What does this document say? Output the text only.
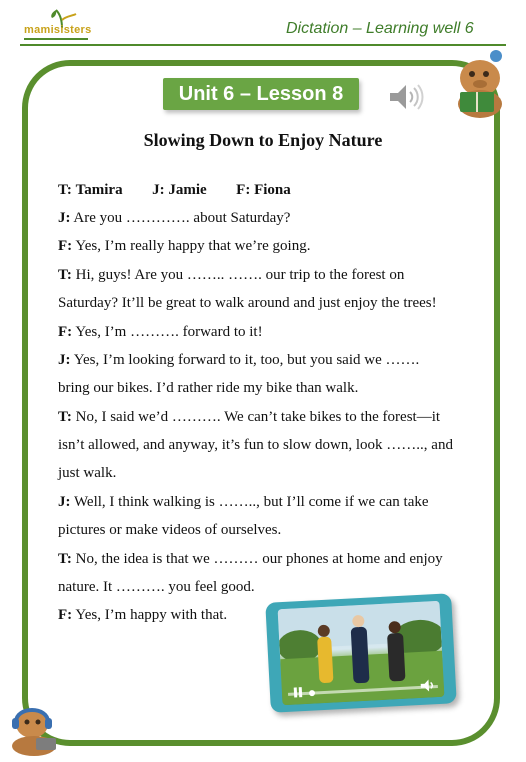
mamisisters	Dictation – Learning well 6
Unit 6 – Lesson 8
Slowing Down to Enjoy Nature
T: Tamira J: Jamie F: Fiona
J: Are you …………. about Saturday?
F: Yes, I’m really happy that we’re going.
T: Hi, guys! Are you …….. ……. our trip to the forest on
Saturday? It’ll be great to walk around and just enjoy the trees!
F: Yes, I’m ………. forward to it!
J: Yes, I’m looking forward to it, too, but you said we …….
bring our bikes. I’d rather ride my bike than walk.
T: No, I said we’d ………. We can’t take bikes to the forest—it
isn’t allowed, and anyway, it’s fun to slow down, look …….., and
just walk.
J: Well, I think walking is …….., but I’ll come if we can take
pictures or make videos of ourselves.
T: No, the idea is that we ……… our phones at home and enjoy
nature. It ………. you feel good.
F: Yes, I’m happy with that.
